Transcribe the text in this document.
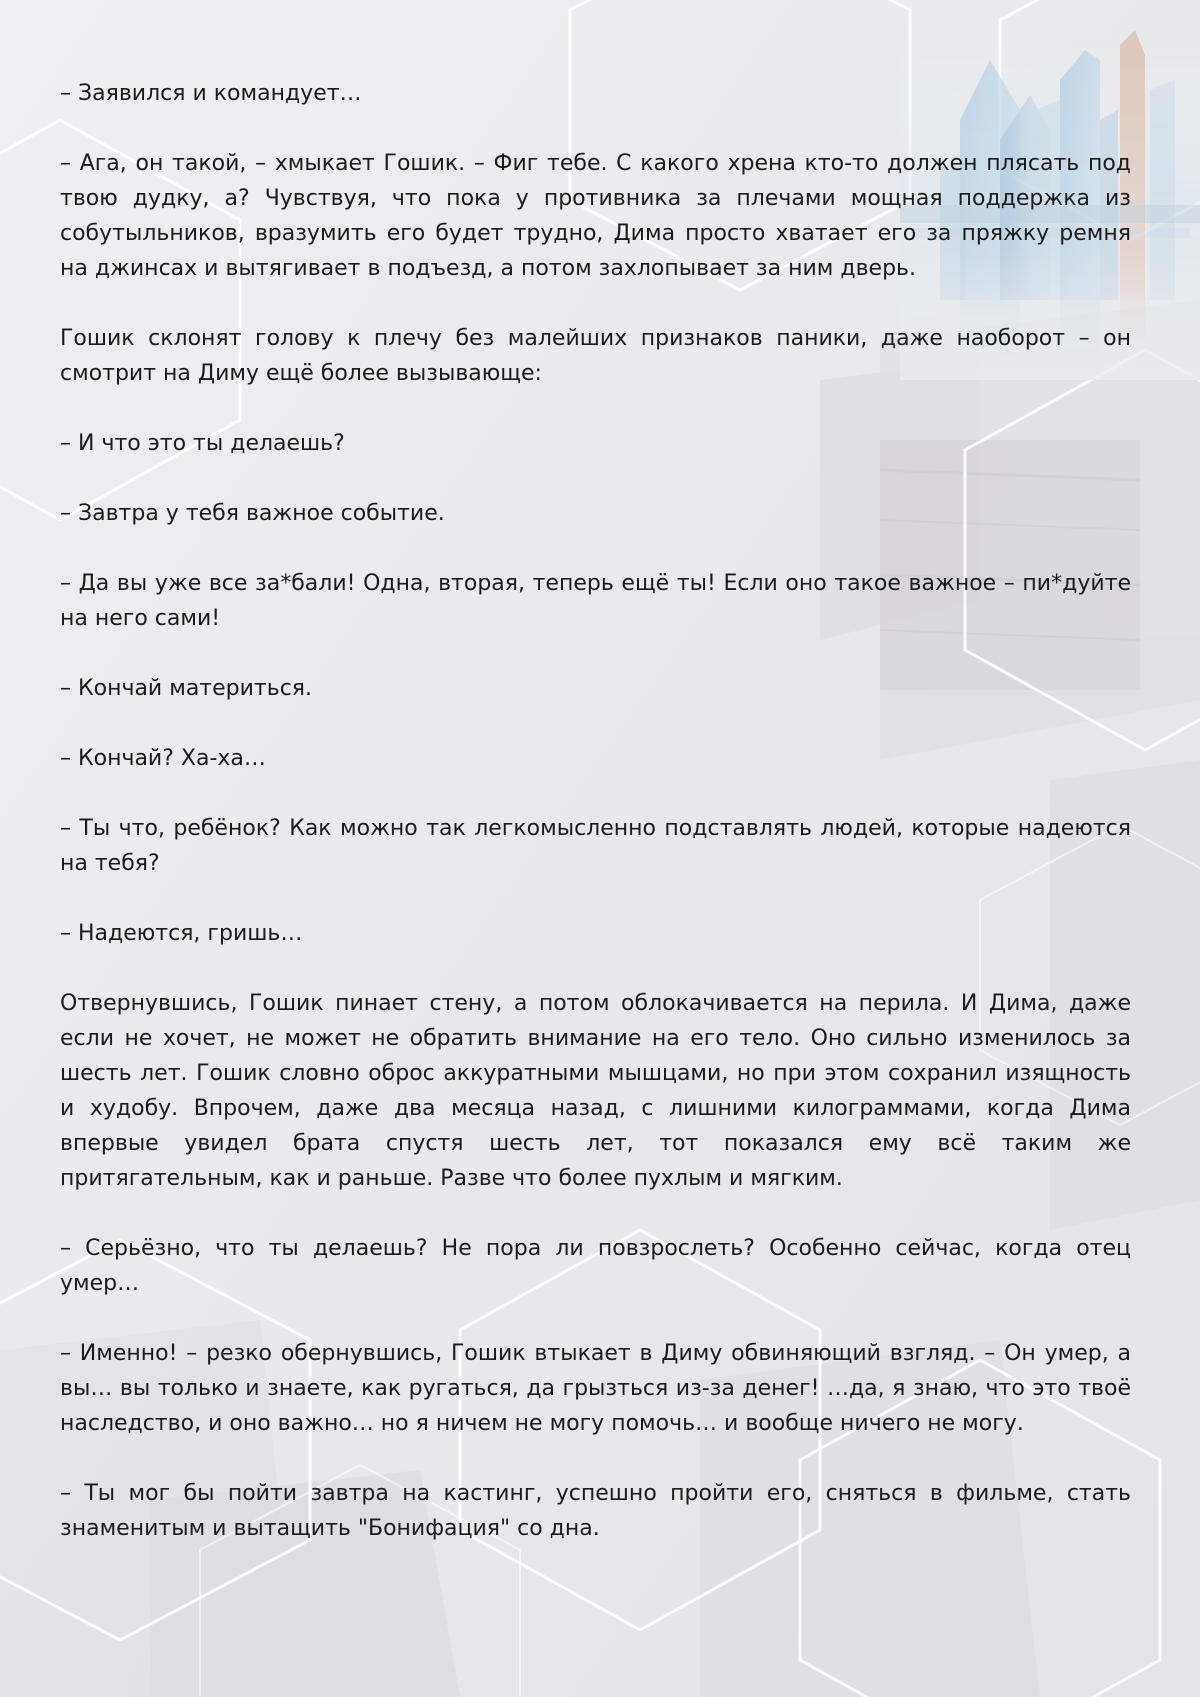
– Заявился и командует…

– Ага, он такой, – хмыкает Гошик. – Фиг тебе. С какого хрена кто-то должен плясать под твою дудку, а? Чувствуя, что пока у противника за плечами мощная поддержка из собутыльников, вразумить его будет трудно, Дима просто хватает его за пряжку ремня на джинсах и вытягивает в подъезд, а потом захлопывает за ним дверь.

Гошик склонят голову к плечу без малейших признаков паники, даже наоборот – он смотрит на Диму ещё более вызывающе:

– И что это ты делаешь?

– Завтра у тебя важное событие.

– Да вы уже все за*бали! Одна, вторая, теперь ещё ты! Если оно такое важное – пи*дуйте на него сами!

– Кончай материться.

– Кончай? Ха-ха…

– Ты что, ребёнок? Как можно так легкомысленно подставлять людей, которые надеются на тебя?

– Надеются, гришь…

Отвернувшись, Гошик пинает стену, а потом облокачивается на перила. И Дима, даже если не хочет, не может не обратить внимание на его тело. Оно сильно изменилось за шесть лет. Гошик словно оброс аккуратными мышцами, но при этом сохранил изящность и худобу. Впрочем, даже два месяца назад, с лишними килограммами, когда Дима впервые увидел брата спустя шесть лет, тот показался ему всё таким же притягательным, как и раньше. Разве что более пухлым и мягким.

– Серьёзно, что ты делаешь? Не пора ли повзрослеть? Особенно сейчас, когда отец умер…

– Именно! – резко обернувшись, Гошик втыкает в Диму обвиняющий взгляд. – Он умер, а вы… вы только и знаете, как ругаться, да грызться из-за денег! …да, я знаю, что это твоё наследство, и оно важно… но я ничем не могу помочь… и вообще ничего не могу.

– Ты мог бы пойти завтра на кастинг, успешно пройти его, сняться в фильме, стать знаменитым и вытащить "Бонифация" со дна.
